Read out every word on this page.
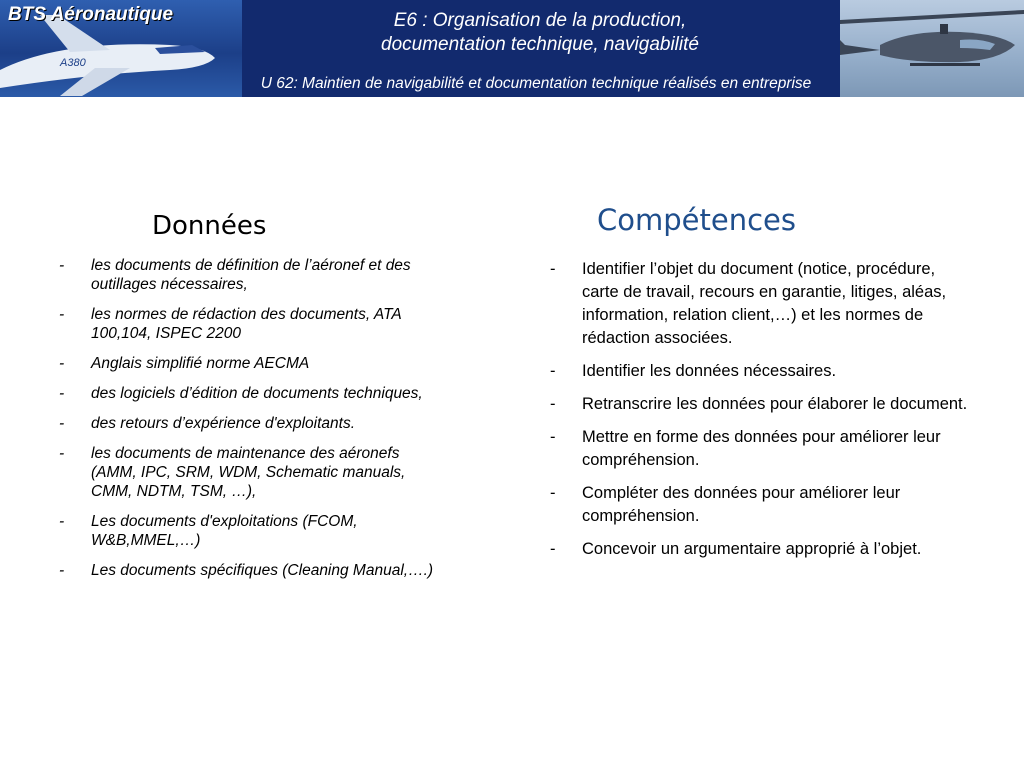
A380
BTS Aéronautique	E6 : Organisation de la production,
documentation technique, navigabilité
U 62: Maintien de navigabilité et documentation technique réalisés en entreprise
Données
- les documents de définition de l’aéronef et des outillages nécessaires,
- les normes de rédaction des documents, ATA 100,104, ISPEC 2200
- Anglais simplifié norme AECMA
- des logiciels d’édition de documents techniques,
- des retours d’expérience d'exploitants.
- les documents de maintenance des aéronefs (AMM, IPC, SRM, WDM, Schematic manuals, CMM, NDTM, TSM, …),
- Les documents d'exploitations (FCOM, W&B,MMEL,…)
- Les documents spécifiques (Cleaning Manual,….)
Compétences
- Identifier l’objet du document (notice, procédure, carte de travail, recours en garantie, litiges, aléas, information, relation client,…) et les normes de rédaction associées.
- Identifier les données nécessaires.
- Retranscrire les données pour élaborer le document.
- Mettre en forme des données pour améliorer leur compréhension.
- Compléter des données pour améliorer leur compréhension.
- Concevoir un argumentaire approprié à l’objet.
